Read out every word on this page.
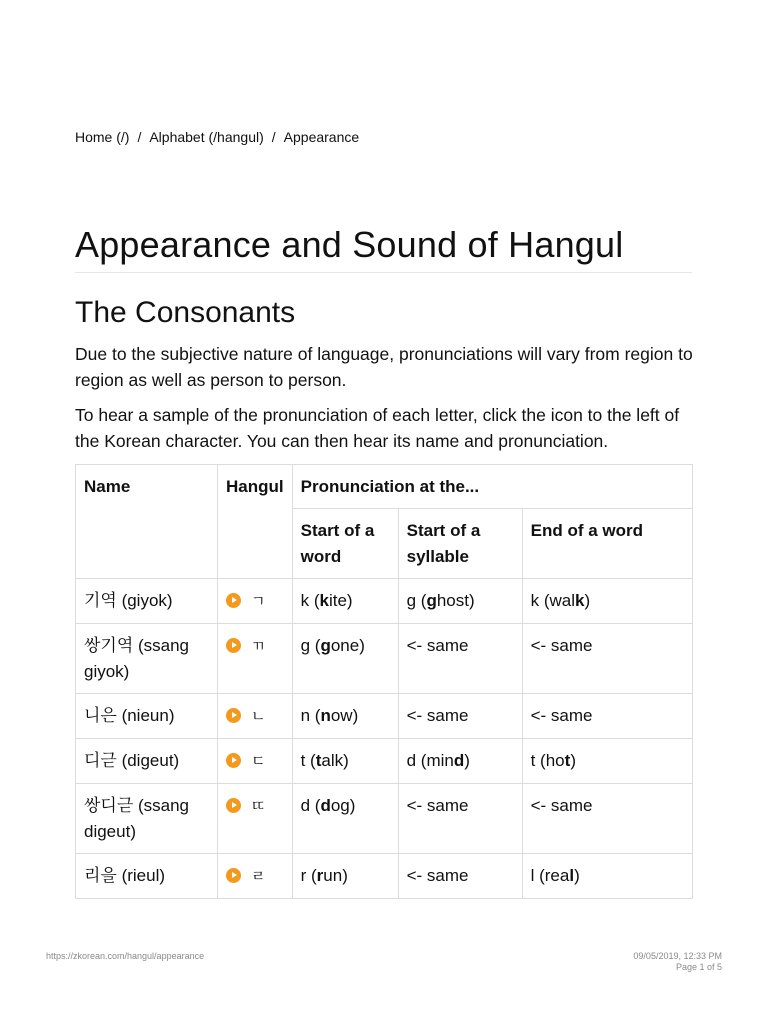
Home (/) / Alphabet (/hangul) / Appearance
Appearance and Sound of Hangul
The Consonants

Due to the subjective nature of language, pronunciations will vary from region to region as well as person to person.

To hear a sample of the pronunciation of each letter, click the icon to the left of the Korean character. You can then hear its name and pronunciation.

Name	Hangul	Pronunciation at the...		
		Start of a word	Start of a syllable	End of a word
기역 (giyok)	ㄱ	k (kite)	g (ghost)	k (walk)
쌍기역 (ssang giyok)	ㄲ	g (gone)	<- same	<- same
니은 (nieun)	ㄴ	n (now)	<- same	<- same
디귿 (digeut)	ㄷ	t (talk)	d (mind)	t (hot)
쌍디귿 (ssang digeut)	ㄸ	d (dog)	<- same	<- same
리을 (rieul)	ㄹ	r (run)	<- same	l (real)
https://zkorean.com/hangul/appearance	09/05/2019, 12:33 PM
Page 1 of 5
